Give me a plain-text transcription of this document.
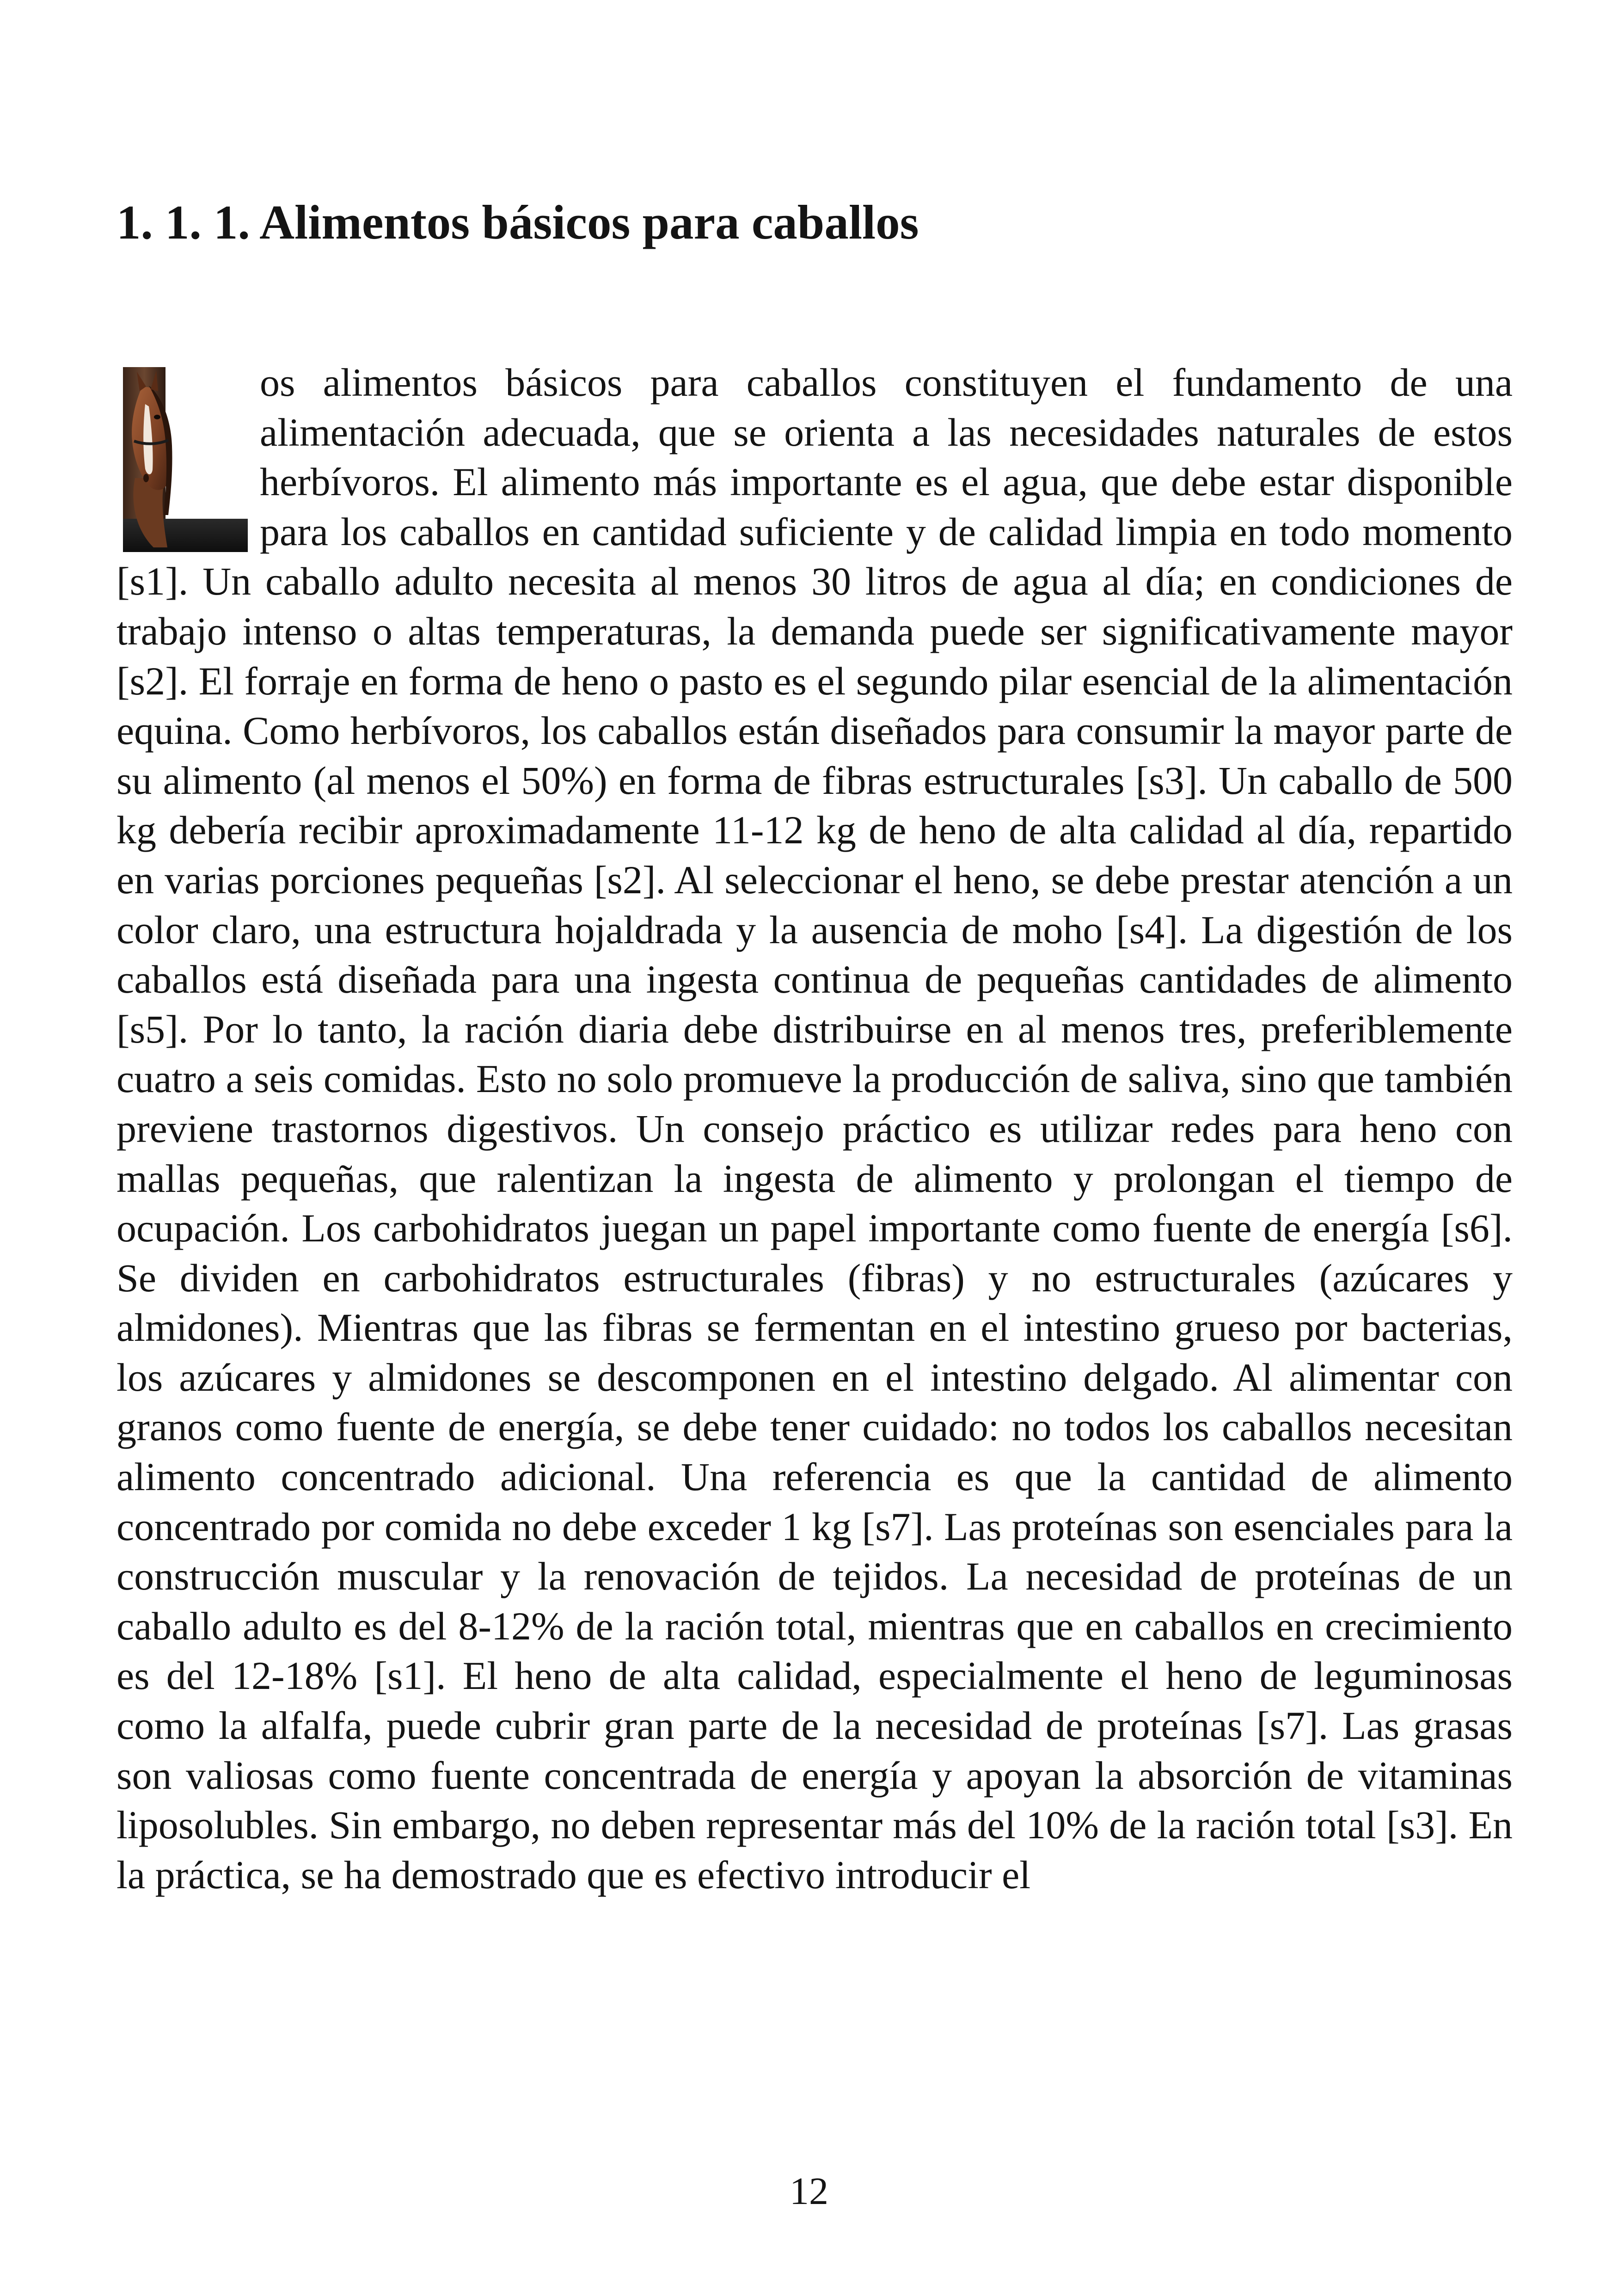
1. 1. 1. Alimentos básicos para caballos
os alimentos básicos para caballos constituyen el fundamento de una alimentación adecuada, que se orienta a las necesidades naturales de estos herbívoros. El alimento más importante es el agua, que debe estar disponible para los caballos en cantidad suficiente y de calidad limpia en todo momento [s1]. Un caballo adulto necesita al menos 30 litros de agua al día; en condiciones de trabajo intenso o altas temperaturas, la demanda puede ser significativamente mayor [s2]. El forraje en forma de heno o pasto es el segundo pilar esencial de la alimentación equina. Como herbívoros, los caballos están diseñados para consumir la mayor parte de su alimento (al menos el 50%) en forma de fibras estructurales [s3]. Un caballo de 500 kg debería recibir aproximadamente 11-12 kg de heno de alta calidad al día, repartido en varias porciones pequeñas [s2]. Al seleccionar el heno, se debe prestar atención a un color claro, una estructura hojaldrada y la ausencia de moho [s4]. La digestión de los caballos está diseñada para una ingesta continua de pequeñas cantidades de alimento [s5]. Por lo tanto, la ración diaria debe distribuirse en al menos tres, preferiblemente cuatro a seis comidas. Esto no solo promueve la producción de saliva, sino que también previene trastornos digestivos. Un consejo práctico es utilizar redes para heno con mallas pequeñas, que ralentizan la ingesta de alimento y prolongan el tiempo de ocupación. Los carbohidratos juegan un papel importante como fuente de energía [s6]. Se dividen en carbohidratos estructurales (fibras) y no estructurales (azúcares y almidones). Mientras que las fibras se fermentan en el intestino grueso por bacterias, los azúcares y almidones se descomponen en el intestino delgado. Al alimentar con granos como fuente de energía, se debe tener cuidado: no todos los caballos necesitan alimento concentrado adicional. Una referencia es que la cantidad de alimento concentrado por comida no debe exceder 1 kg [s7]. Las proteínas son esenciales para la construcción muscular y la renovación de tejidos. La necesidad de proteínas de un caballo adulto es del 8-12% de la ración total, mientras que en caballos en crecimiento es del 12-18% [s1]. El heno de alta calidad, especialmente el heno de leguminosas como la alfalfa, puede cubrir gran parte de la necesidad de proteínas [s7]. Las grasas son valiosas como fuente concentrada de energía y apoyan la absorción de vitaminas liposolubles. Sin embargo, no deben representar más del 10% de la ración total [s3]. En la práctica, se ha demostrado que es efectivo introducir el
12
